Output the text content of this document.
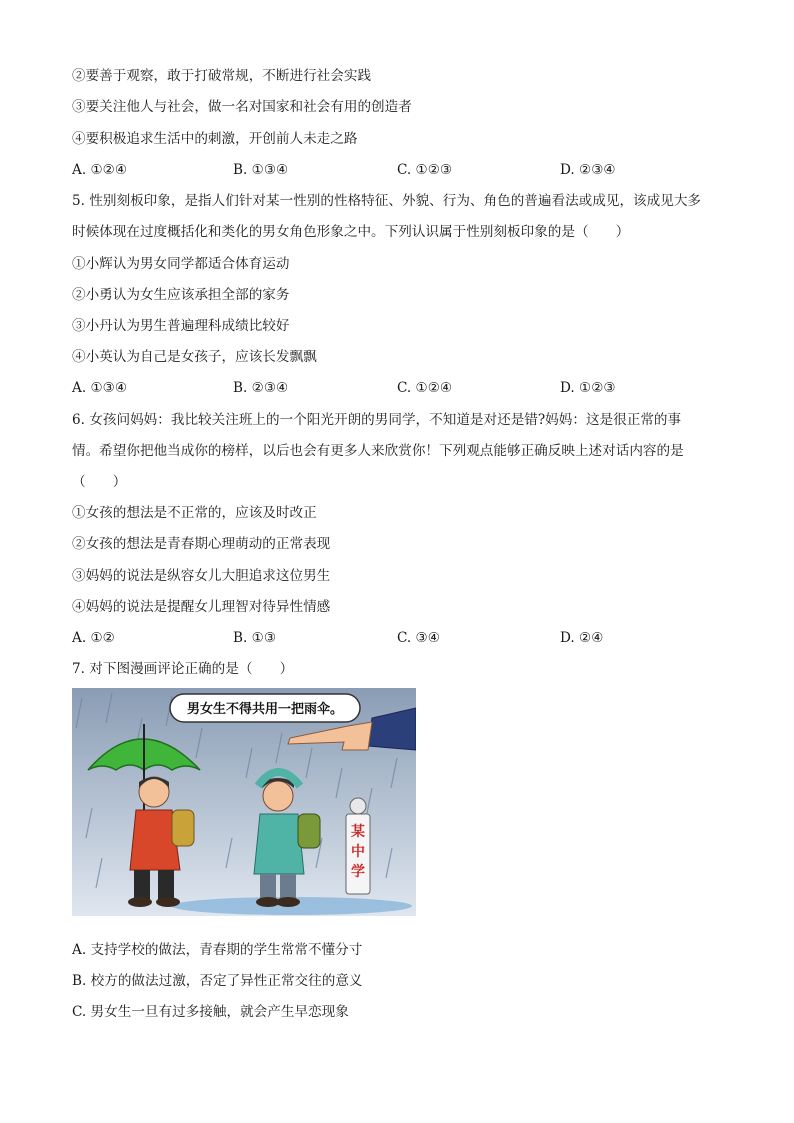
②要善于观察，敢于打破常规，不断进行社会实践
③要关注他人与社会，做一名对国家和社会有用的创造者
④要积极追求生活中的刺激，开创前人未走之路
A. ①②④	B. ①③④	C. ①②③	D. ②③④
5. 性别刻板印象，是指人们针对某一性别的性格特征、外貌、行为、角色的普遍看法或成见，该成见大多
时候体现在过度概括化和类化的男女角色形象之中。下列认识属于性别刻板印象的是（　　）
①小辉认为男女同学都适合体育运动
②小勇认为女生应该承担全部的家务
③小丹认为男生普遍理科成绩比较好
④小英认为自己是女孩子，应该长发飘飘
A. ①③④	B. ②③④	C. ①②④	D. ①②③
6. 女孩问妈妈：我比较关注班上的一个阳光开朗的男同学，不知道是对还是错?妈妈：这是很正常的事
情。希望你把他当成你的榜样，以后也会有更多人来欣赏你！下列观点能够正确反映上述对话内容的是
（　　）
①女孩的想法是不正常的，应该及时改正
②女孩的想法是青春期心理萌动的正常表现
③妈妈的说法是纵容女儿大胆追求这位男生
④妈妈的说法是提醒女儿理智对待异性情感
A. ①②	B. ①③	C. ③④	D. ②④
7. 对下图漫画评论正确的是（　　）
男女生不得共用一把雨伞。
某
中
学
A. 支持学校的做法，青春期的学生常常不懂分寸
B. 校方的做法过激，否定了异性正常交往的意义
C. 男女生一旦有过多接触，就会产生早恋现象
